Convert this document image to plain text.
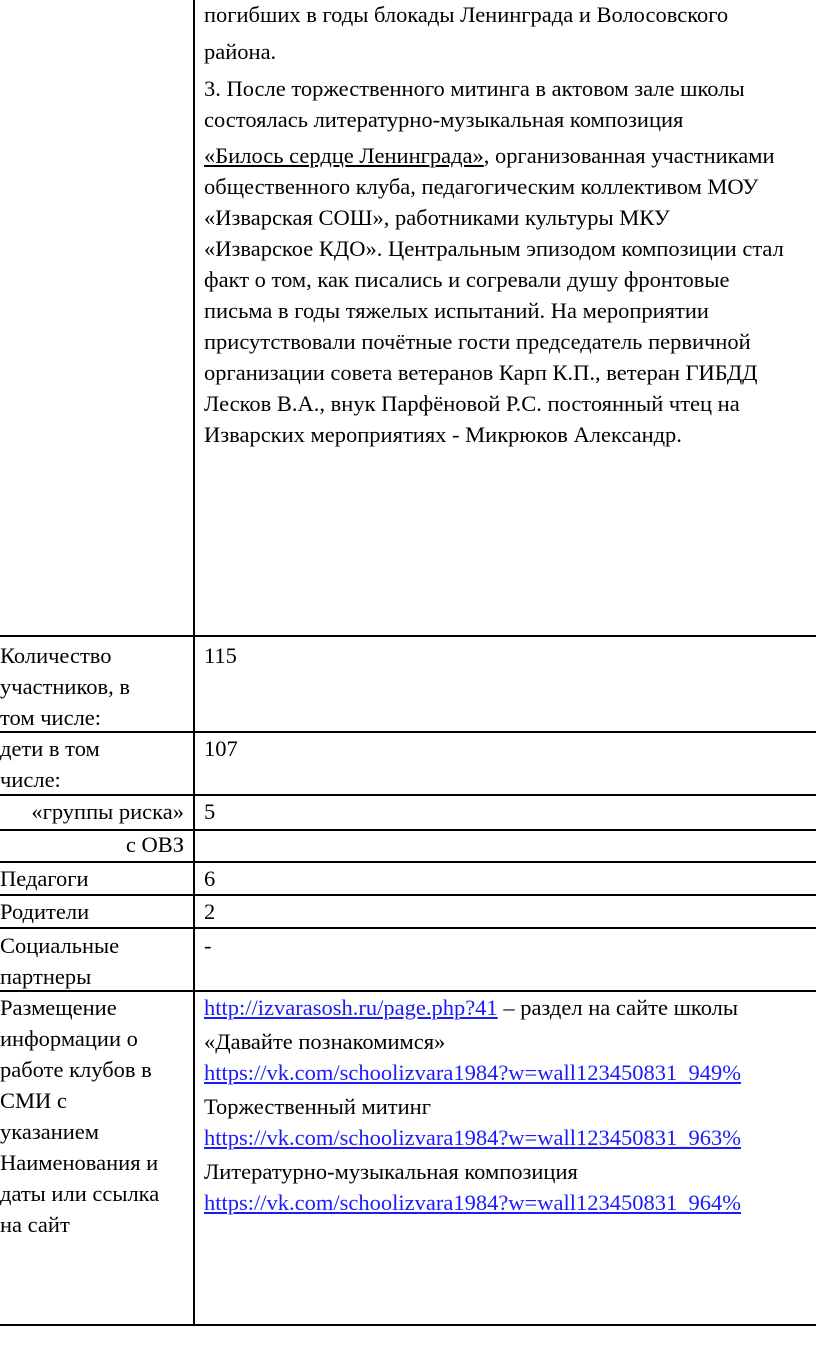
погибших в годы блокады Ленинграда и Волосовского
района.
3. После торжественного митинга в актовом зале школы
состоялась литературно-музыкальная композиция
«Билось сердце Ленинграда», организованная участниками
общественного клуба, педагогическим коллективом МОУ
«Изварская СОШ», работниками культуры МКУ
«Изварское КДО». Центральным эпизодом композиции стал
факт о том, как писались и согревали душу фронтовые
письма в годы тяжелых испытаний. На мероприятии
присутствовали почётные гости председатель первичной
организации совета ветеранов Карп К.П., ветеран ГИБДД
Лесков В.А., внук Парфёновой Р.С. постоянный чтец на
Изварских мероприятиях - Микрюков Александр.
Количество
участников, в
том числе:
115
дети в том
числе:
107
«группы риска» 5
с ОВЗ
Педагоги	6
Родители	2
Социальные
партнеры
-
Размещение
информации о
работе клубов в
СМИ с
указанием
Наименования и
даты или ссылка
на сайт
http://izvarasosh.ru/page.php?41 – раздел на сайте школы
«Давайте познакомимся»
https://vk.com/schoolizvara1984?w=wall123450831_949%
Торжественный митинг
https://vk.com/schoolizvara1984?w=wall123450831_963%
Литературно-музыкальная композиция
https://vk.com/schoolizvara1984?w=wall123450831_964%
